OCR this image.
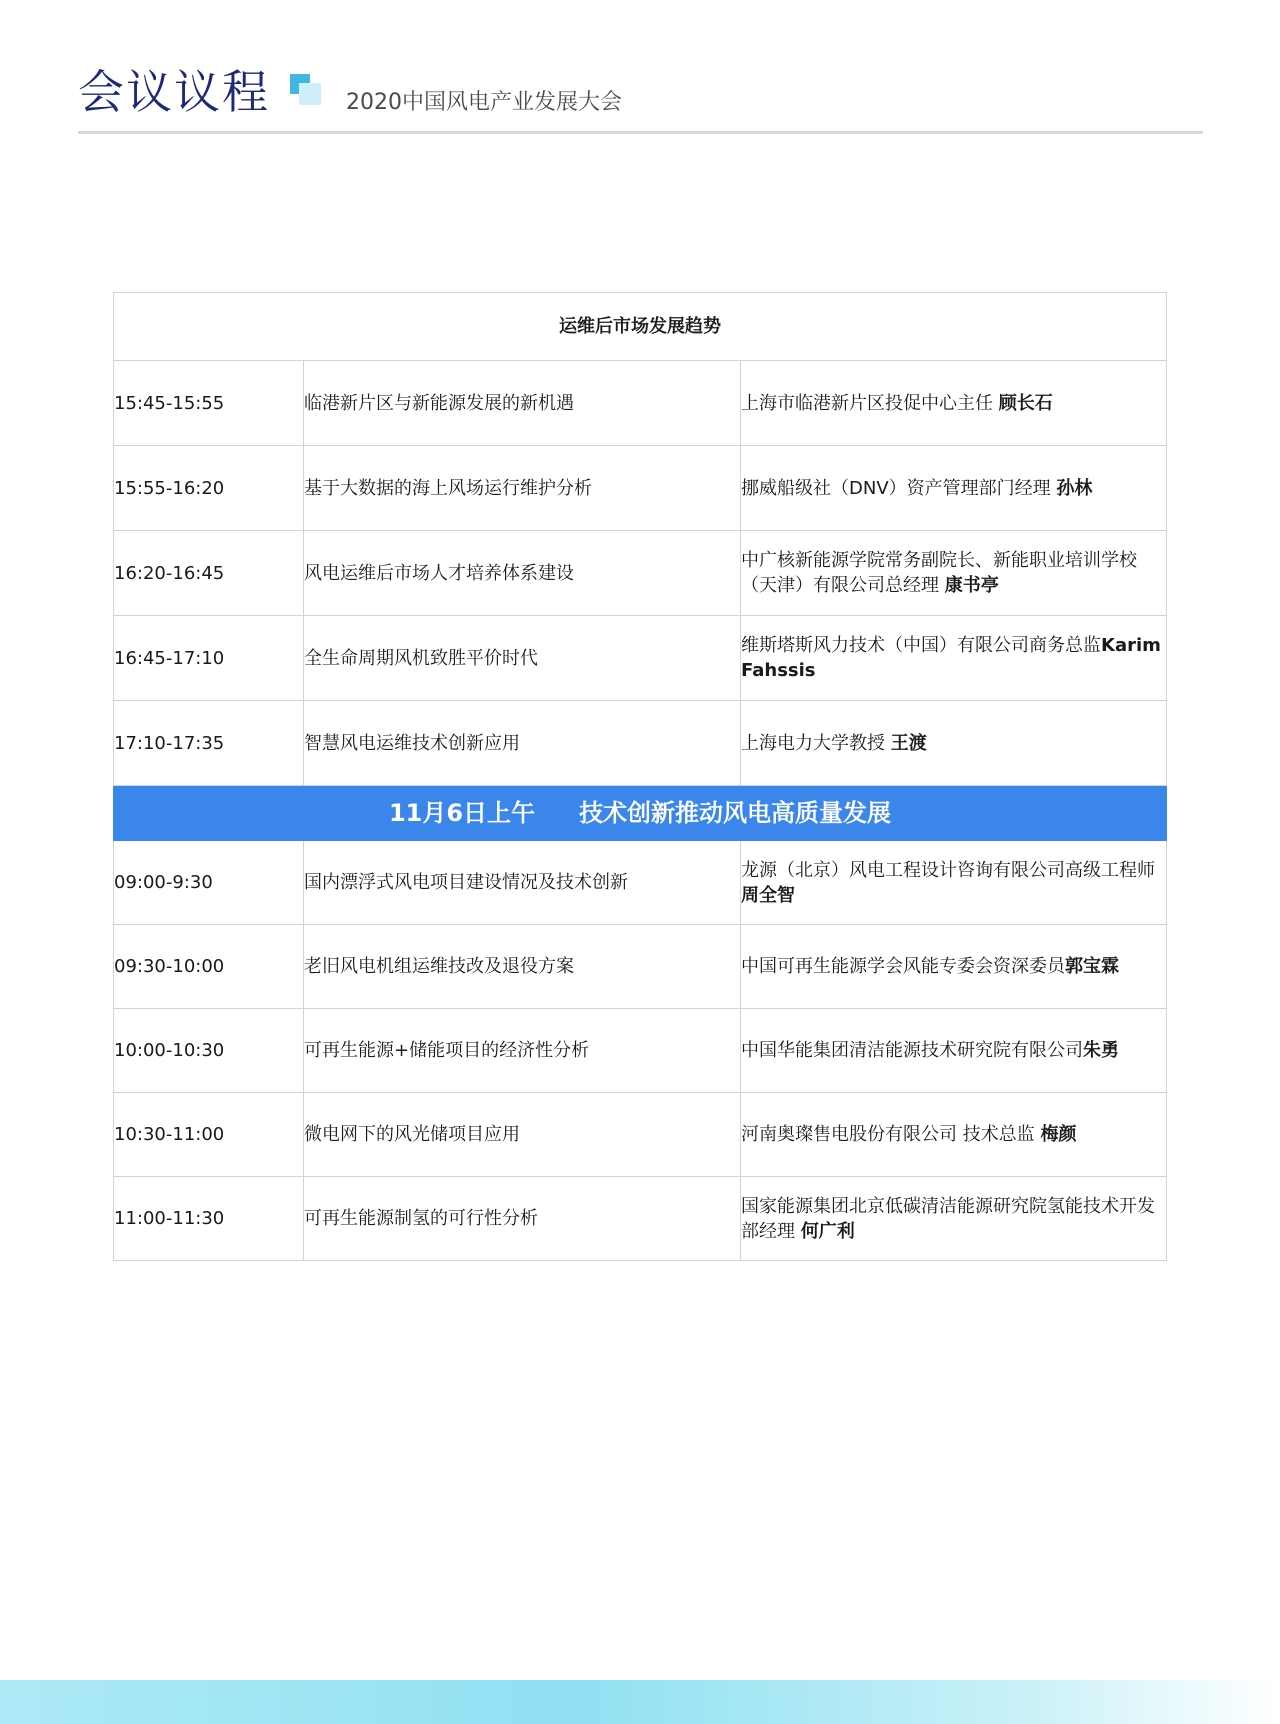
会议议程	2020中国风电产业发展大会
运维后市场发展趋势		
15:45-15:55	临港新片区与新能源发展的新机遇	上海市临港新片区投促中心主任 顾长石
15:55-16:20	基于大数据的海上风场运行维护分析	挪威船级社（DNV）资产管理部门经理 孙林
16:20-16:45	风电运维后市场人才培养体系建设	中广核新能源学院常务副院长、新能职业培训学校（天津）有限公司总经理 康书亭
16:45-17:10	全生命周期风机致胜平价时代	维斯塔斯风力技术（中国）有限公司商务总监Karim Fahssis
17:10-17:35	智慧风电运维技术创新应用	上海电力大学教授 王渡
11月6日上午 技术创新推动风电高质量发展		
09:00-9:30	国内漂浮式风电项目建设情况及技术创新	龙源（北京）风电工程设计咨询有限公司高级工程师 周全智
09:30-10:00	老旧风电机组运维技改及退役方案	中国可再生能源学会风能专委会资深委员郭宝霖
10:00-10:30	可再生能源+储能项目的经济性分析	中国华能集团清洁能源技术研究院有限公司朱勇
10:30-11:00	微电网下的风光储项目应用	河南奥璨售电股份有限公司 技术总监 梅颜
11:00-11:30	可再生能源制氢的可行性分析	国家能源集团北京低碳清洁能源研究院氢能技术开发部经理 何广利
